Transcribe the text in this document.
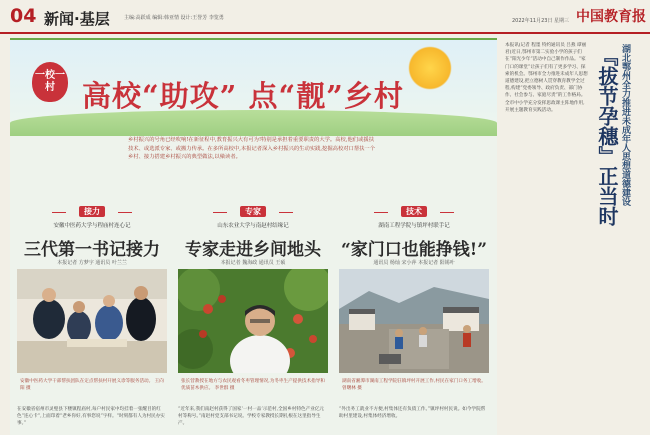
04 新闻·基层	主编:高跃成 编辑:韩亚情 设计:王誉芳 李览勇	2022年11月23日 星期三 中国教育报
一校一村 高校“助攻” 点“靓”乡村
乡村振兴的号角已经吹响!在新征程中,教育振兴大有可为!特别是承担着重要职责的大学。高校,他们或援扶技术、或选派专家、或搬力传承。在多所高校中,本报记者深入乡村振兴的生动实践,挖掘高校对口帮扶一个乡村、接力搭建乡村振兴的典型做法,以飨读者。
接力
安徽中医药大学与程庙村连心记
三代第一书记接力
本报记者 方梦宇 通讯员 叶兰兰
安徽中医药大学干部帮扶团队在定点帮扶村开展义诊等服务活动。 王向阳 摄
在安徽省宿州市灵璧县下楼镇程庙村,每户村民家中均挂着一张醒目的红色“连心卡”,上面印着“老乡你好,有事您说”字样。“时刻都有人为村民办实事。”
专家
山东农业大学与南赵村结缘记
专家走进乡间地头
本报记者 魏海政 通讯员 王硕
张长营教授在地方与农民观看冬枣管理情况,为冬枣生产提供技术指导和优质苗木供应。 李世群 摄
“近年来,我们南赵村获得了国家‘一村一品’示范村,全国乡村特色产业亿元村等称号。”南赵村党支部书记说。学校专家教授长期扎根在这里指导生产。
技术
湖南工程学院与镇坪村联手记
“家门口也能挣钱!”
通讯员 杨灿 宋小萍 本报记者 阳锡叶
湖南省湘潭市湖南工程学院驻镇坪村开展工作,村民在家门口务工增收。 曾曙林 摄
“外出务工就业不方便,村集体还有负债工作。”镇坪村村民说。如今学院帮助村里建设,村集体经济增收。
本报讯(记者 程墨 特约通讯员 吕燕 谭丽君)近日,鄂州市第二实验小学的孩子们在“阳光少年”活动中自己制作作品。“家门口的课堂”让孩子们有了更多学习、探索的机会。鄂州市全力推进未成年人思想道德建设,把立德树人贯穿教育教学全过程,构建“党委领导、政府负责、部门协作、社会参与、家庭尽责”的工作格局。全市中小学充分发挥思政课主阵地作用,开展主题教育实践活动。	『拔节孕穗』正当时 湖北鄂州全力推进未成年人思想道德建设
